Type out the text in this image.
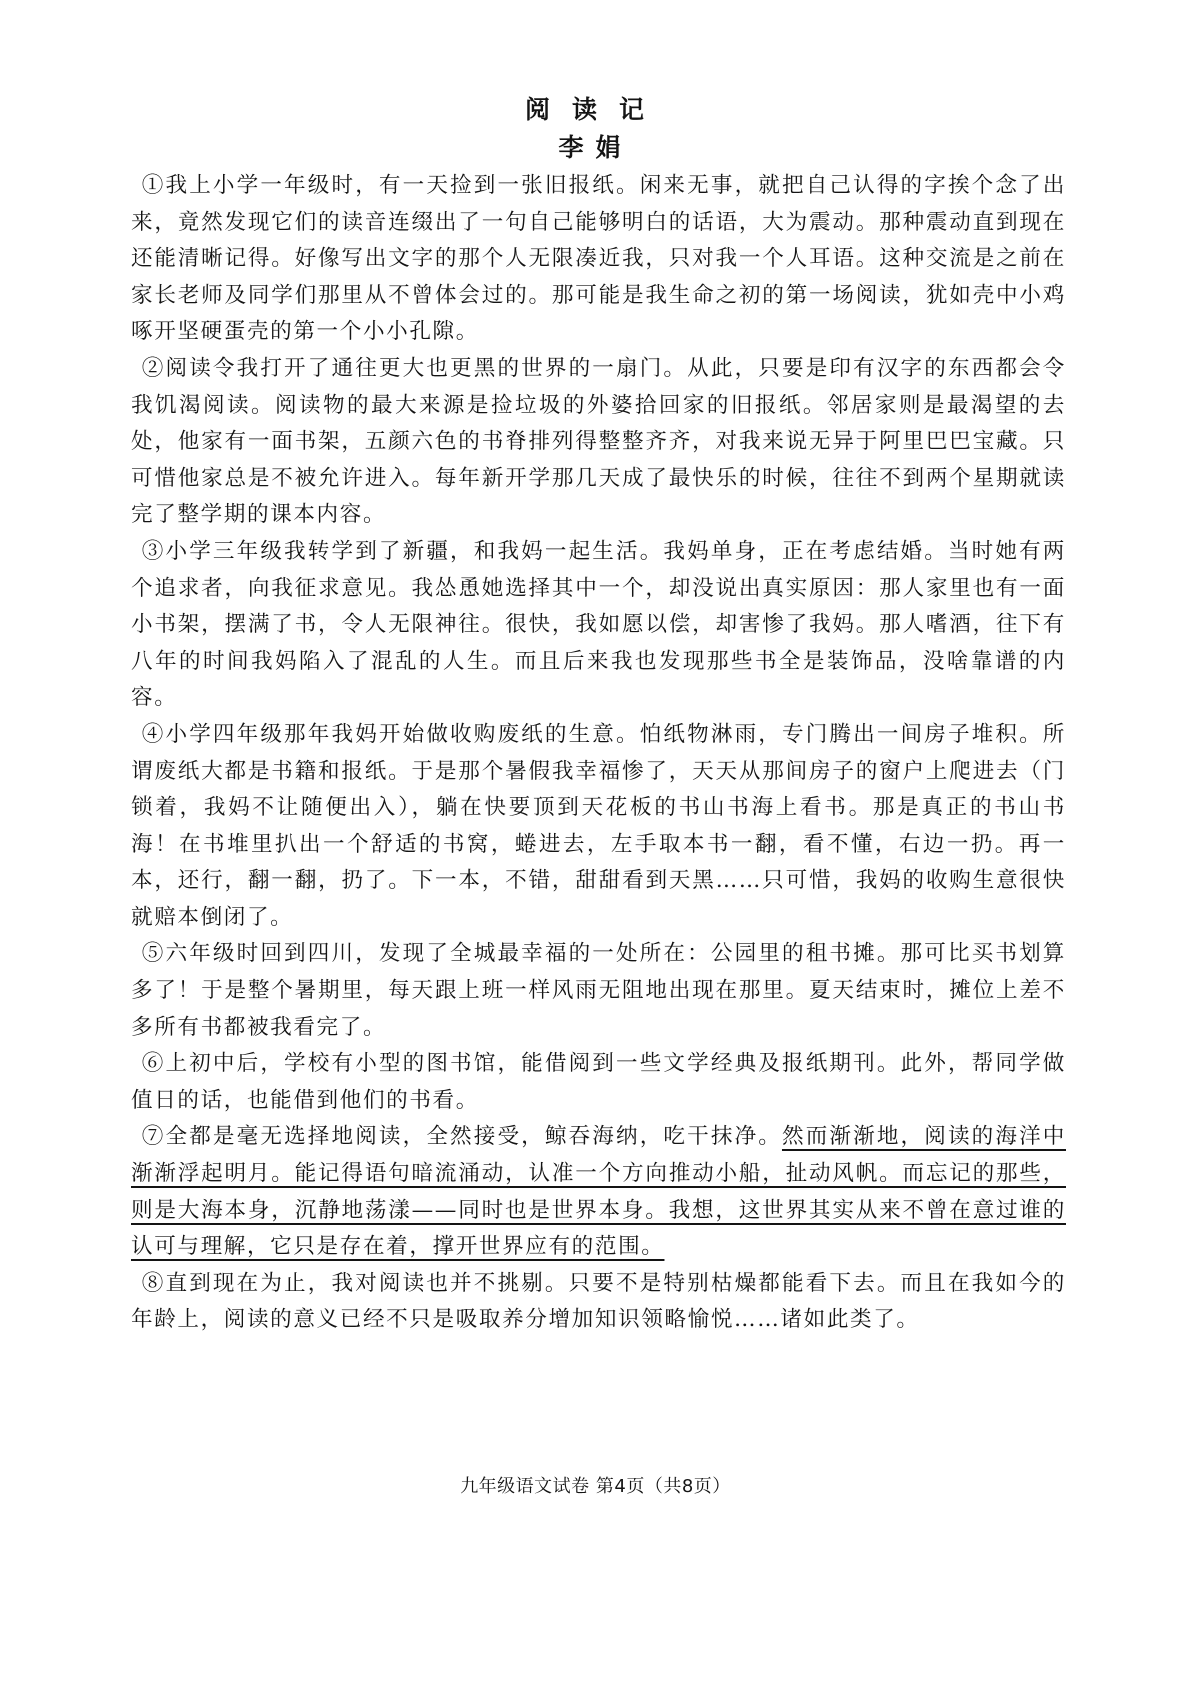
阅读记
李娟

①我上小学一年级时，有一天捡到一张旧报纸。闲来无事，就把自己认得的字挨个念了出来，竟然发现它们的读音连缀出了一句自己能够明白的话语，大为震动。那种震动直到现在还能清晰记得。好像写出文字的那个人无限凑近我，只对我一个人耳语。这种交流是之前在家长老师及同学们那里从不曾体会过的。那可能是我生命之初的第一场阅读，犹如壳中小鸡啄开坚硬蛋壳的第一个小小孔隙。

②阅读令我打开了通往更大也更黑的世界的一扇门。从此，只要是印有汉字的东西都会令我饥渴阅读。阅读物的最大来源是捡垃圾的外婆拾回家的旧报纸。邻居家则是最渴望的去处，他家有一面书架，五颜六色的书脊排列得整整齐齐，对我来说无异于阿里巴巴宝藏。只可惜他家总是不被允许进入。每年新开学那几天成了最快乐的时候，往往不到两个星期就读完了整学期的课本内容。

③小学三年级我转学到了新疆，和我妈一起生活。我妈单身，正在考虑结婚。当时她有两个追求者，向我征求意见。我怂恿她选择其中一个，却没说出真实原因：那人家里也有一面小书架，摆满了书，令人无限神往。很快，我如愿以偿，却害惨了我妈。那人嗜酒，往下有八年的时间我妈陷入了混乱的人生。而且后来我也发现那些书全是装饰品，没啥靠谱的内容。

④小学四年级那年我妈开始做收购废纸的生意。怕纸物淋雨，专门腾出一间房子堆积。所谓废纸大都是书籍和报纸。于是那个暑假我幸福惨了，天天从那间房子的窗户上爬进去（门锁着，我妈不让随便出入），躺在快要顶到天花板的书山书海上看书。那是真正的书山书海！在书堆里扒出一个舒适的书窝，蜷进去，左手取本书一翻，看不懂，右边一扔。再一本，还行，翻一翻，扔了。下一本，不错，甜甜看到天黑……只可惜，我妈的收购生意很快就赔本倒闭了。

⑤六年级时回到四川，发现了全城最幸福的一处所在：公园里的租书摊。那可比买书划算多了！于是整个暑期里，每天跟上班一样风雨无阻地出现在那里。夏天结束时，摊位上差不多所有书都被我看完了。

⑥上初中后，学校有小型的图书馆，能借阅到一些文学经典及报纸期刊。此外，帮同学做值日的话，也能借到他们的书看。

⑦全都是毫无选择地阅读，全然接受，鲸吞海纳，吃干抹净。然而渐渐地，阅读的海洋中渐渐浮起明月。能记得语句暗流涌动，认准一个方向推动小船，扯动风帆。而忘记的那些，则是大海本身，沉静地荡漾——同时也是世界本身。我想，这世界其实从来不曾在意过谁的认可与理解，它只是存在着，撑开世界应有的范围。

⑧直到现在为止，我对阅读也并不挑剔。只要不是特别枯燥都能看下去。而且在我如今的年龄上，阅读的意义已经不只是吸取养分增加知识领略愉悦……诸如此类了。

九年级语文试卷 第4页（共8页）
